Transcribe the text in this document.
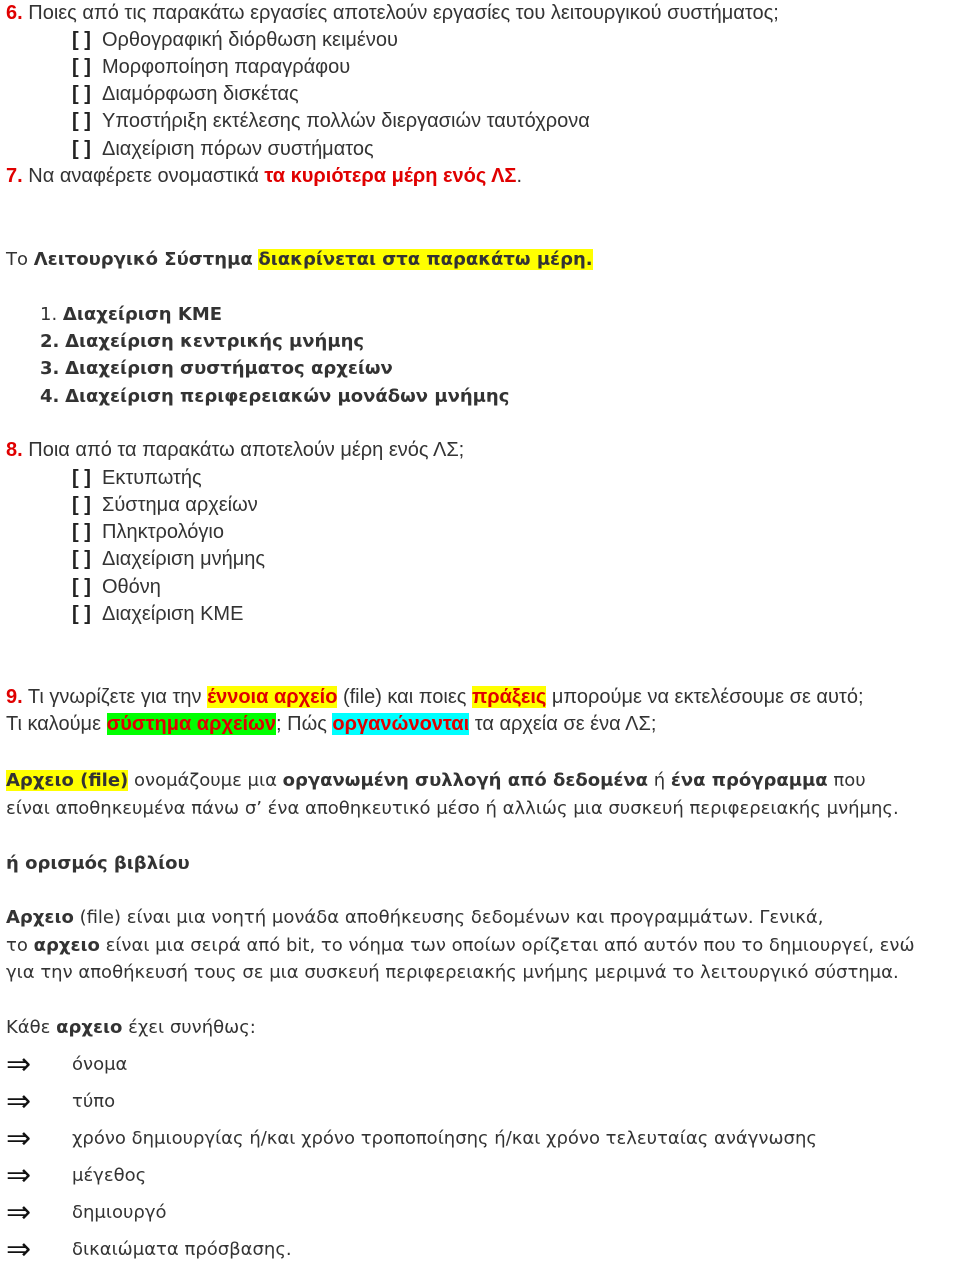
6. Ποιες από τις παρακάτω εργασίες αποτελούν εργασίες του λειτουργικού συστήματος;
[ ] Ορθογραφική διόρθωση κειμένου
[ ] Μορφοποίηση παραγράφου
[ ] Διαμόρφωση δισκέτας
[ ] Υποστήριξη εκτέλεσης πολλών διεργασιών ταυτόχρονα
[ ] Διαχείριση πόρων συστήματος
7. Να αναφέρετε ονομαστικά τα κυριότερα μέρη ενός ΛΣ.
Το Λειτουργικό Σύστημα διακρίνεται στα παρακάτω μέρη.
1. Διαχείριση ΚΜΕ
2. Διαχείριση κεντρικής μνήμης
3. Διαχείριση συστήματος αρχείων
4. Διαχείριση περιφερειακών μονάδων μνήμης
8. Ποια από τα παρακάτω αποτελούν μέρη ενός ΛΣ;
[ ] Εκτυπωτής
[ ] Σύστημα αρχείων
[ ] Πληκτρολόγιο
[ ] Διαχείριση μνήμης
[ ] Οθόνη
[ ] Διαχείριση ΚΜΕ
9. Τι γνωρίζετε για την έννοια αρχείο (file) και ποιες πράξεις μπορούμε να εκτελέσουμε σε αυτό;
Τι καλούμε σύστημα αρχείων; Πώς οργανώνονται τα αρχεία σε ένα ΛΣ;
Αρχειο (file) ονομάζουμε μια οργανωμένη συλλογή από δεδομένα ή ένα πρόγραμμα που
είναι αποθηκευμένα πάνω σ’ ένα αποθηκευτικό μέσο ή αλλιώς μια συσκευή περιφερειακής μνήμης.
ή ορισμός βιβλίου
Αρχειο (file) είναι μια νοητή μονάδα αποθήκευσης δεδομένων και προγραμμάτων. Γενικά,
το αρχειο είναι μια σειρά από bit, το νόημα των οποίων ορίζεται από αυτόν που το δημιουργεί, ενώ
για την αποθήκευσή τους σε μια συσκευή περιφερειακής μνήμης μεριμνά το λειτουργικό σύστημα.
Κάθε αρχειο έχει συνήθως:
⇒ όνομα
⇒ τύπο
⇒ χρόνο δημιουργίας ή/και χρόνο τροποποίησης ή/και χρόνο τελευταίας ανάγνωσης
⇒ μέγεθος
⇒ δημιουργό
⇒ δικαιώματα πρόσβασης.
